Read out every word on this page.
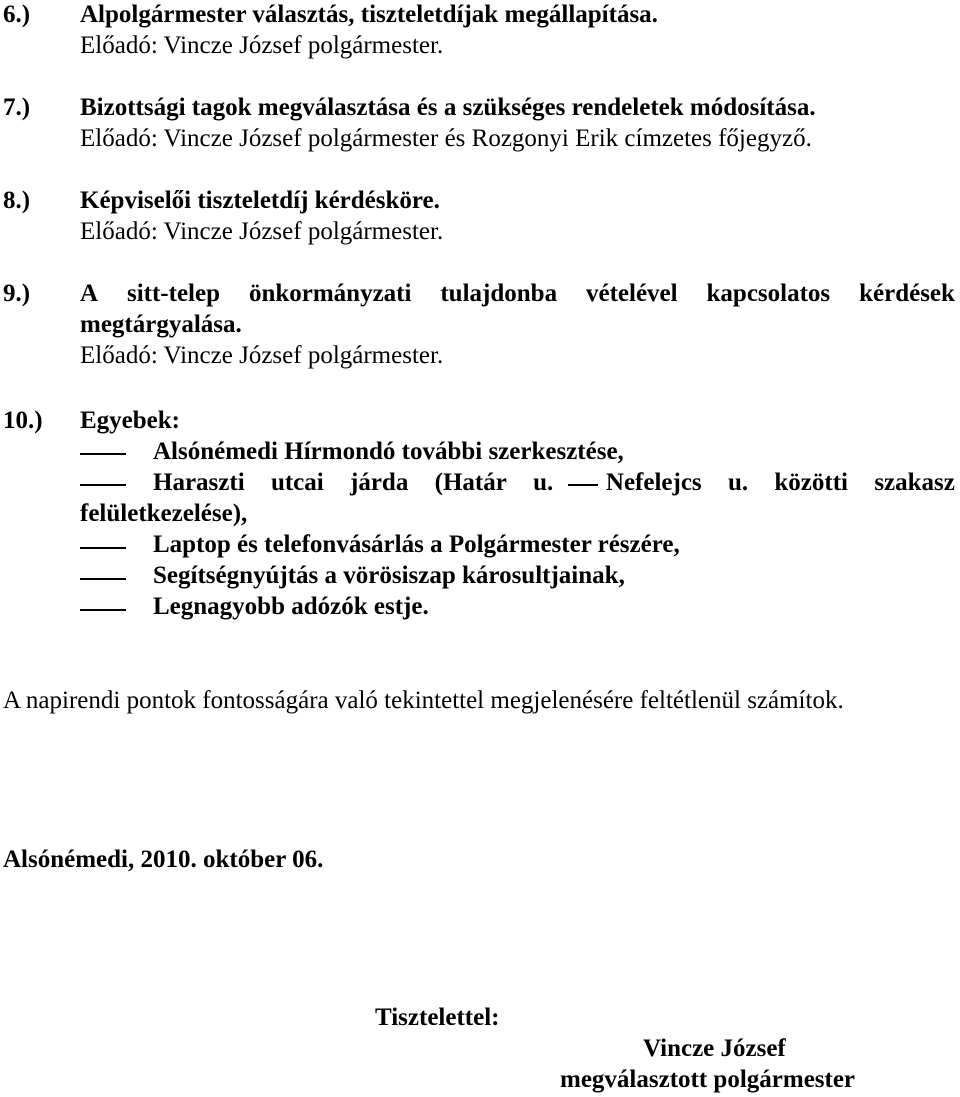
6.) Alpolgármester választás, tiszteletdíjak megállapítása.
Előadó: Vincze József polgármester.
7.) Bizottsági tagok megválasztása és a szükséges rendeletek módosítása.
Előadó: Vincze József polgármester és Rozgonyi Erik címzetes főjegyző.
8.) Képviselői tiszteletdíj kérdésköre.
Előadó: Vincze József polgármester.
9.) A sitt-telep önkormányzati tulajdonba vételével kapcsolatos kérdések
megtárgyalása.
Előadó: Vincze József polgármester.
10.) Egyebek:
Alsónémedi Hírmondó további szerkesztése,
Haraszti utcai járda (Határ u. Nefelejcs u. közötti szakasz
felületkezelése),
Laptop és telefonvásárlás a Polgármester részére,
Segítségnyújtás a vörösiszap károsultjainak,
Legnagyobb adózók estje.
A napirendi pontok fontosságára való tekintettel megjelenésére feltétlenül számítok.
Alsónémedi, 2010. október 06.
Tisztelettel:
Vincze József
megválasztott polgármester
